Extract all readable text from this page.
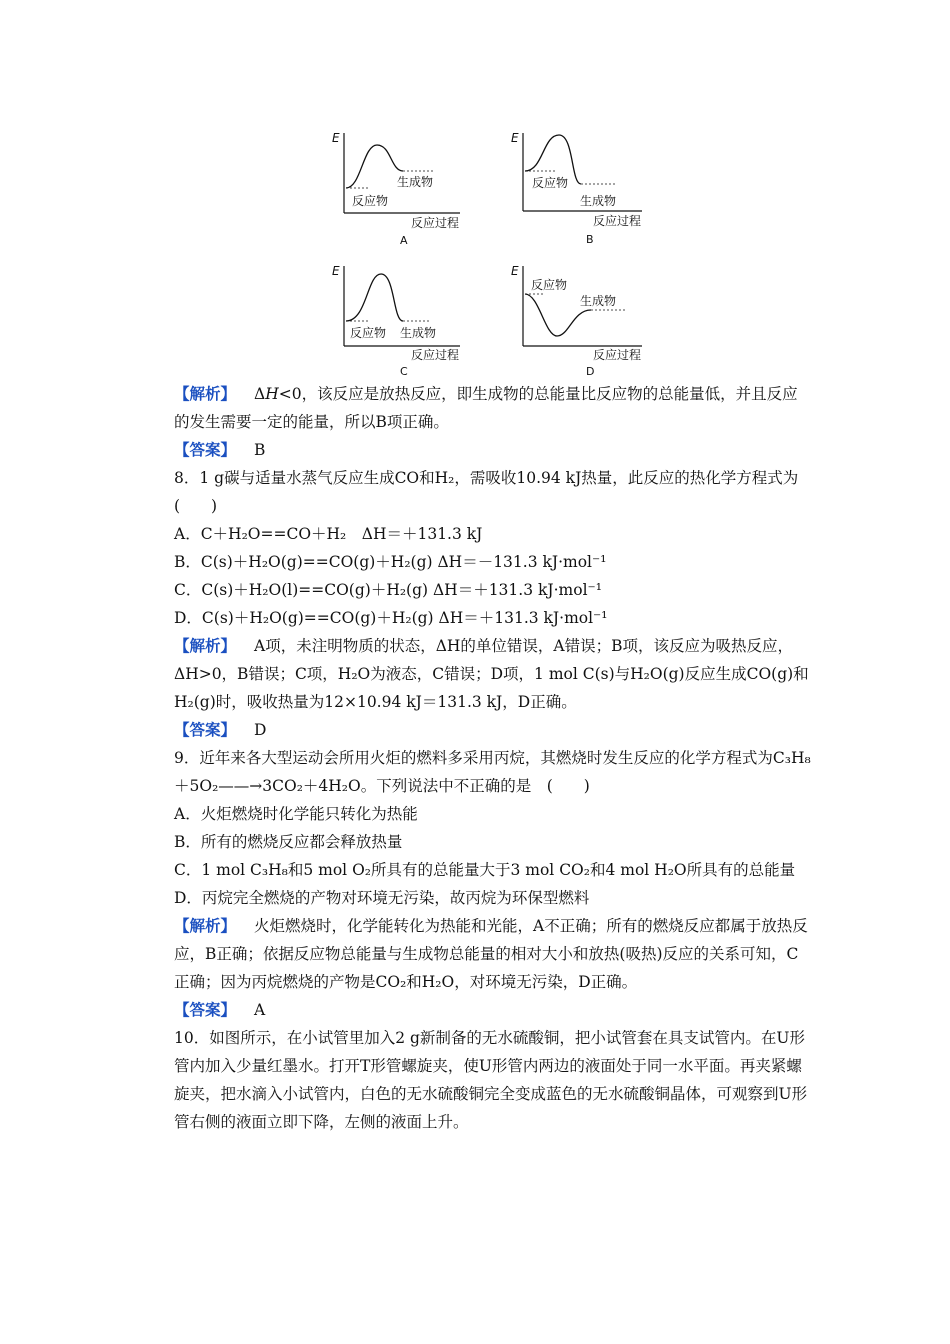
E
生成物
反应物
反应过程
A
E
反应物
生成物
反应过程
B
E
反应物 生成物
反应过程
C
E
反应物
生成物
反应过程
D

【解析】 Δ𝐻<0，该反应是放热反应，即生成物的总能量比反应物的总能量低，并且反应的发生需要一定的能量，所以B项正确。

【答案】 B

8．1 g碳与适量水蒸气反应生成CO和H₂，需吸收10.94 kJ热量，此反应的热化学方程式为(　　)

A．C＋H₂O==CO＋H₂　ΔH＝＋131.3 kJ

B．C(s)＋H₂O(g)==CO(g)＋H₂(g) ΔH＝－131.3 kJ·mol⁻¹

C．C(s)＋H₂O(l)==CO(g)＋H₂(g) ΔH＝＋131.3 kJ·mol⁻¹

D．C(s)＋H₂O(g)==CO(g)＋H₂(g) ΔH＝＋131.3 kJ·mol⁻¹

【解析】 A项，未注明物质的状态，ΔH的单位错误，A错误；B项，该反应为吸热反应，ΔH>0，B错误；C项，H₂O为液态，C错误；D项，1 mol C(s)与H₂O(g)反应生成CO(g)和H₂(g)时，吸收热量为12×10.94 kJ＝131.3 kJ，D正确。

【答案】 D

9．近年来各大型运动会所用火炬的燃料多采用丙烷，其燃烧时发生反应的化学方程式为C₃H₈＋5O₂——→3CO₂＋4H₂O。下列说法中不正确的是　(　　)

A．火炬燃烧时化学能只转化为热能

B．所有的燃烧反应都会释放热量

C．1 mol C₃H₈和5 mol O₂所具有的总能量大于3 mol CO₂和4 mol H₂O所具有的总能量

D．丙烷完全燃烧的产物对环境无污染，故丙烷为环保型燃料

【解析】 火炬燃烧时，化学能转化为热能和光能，A不正确；所有的燃烧反应都属于放热反应，B正确；依据反应物总能量与生成物总能量的相对大小和放热(吸热)反应的关系可知，C正确；因为丙烷燃烧的产物是CO₂和H₂O，对环境无污染，D正确。

【答案】 A

10．如图所示，在小试管里加入2 g新制备的无水硫酸铜，把小试管套在具支试管内。在U形管内加入少量红墨水。打开T形管螺旋夹，使U形管内两边的液面处于同一水平面。再夹紧螺旋夹，把水滴入小试管内，白色的无水硫酸铜完全变成蓝色的无水硫酸铜晶体，可观察到U形管右侧的液面立即下降，左侧的液面上升。
